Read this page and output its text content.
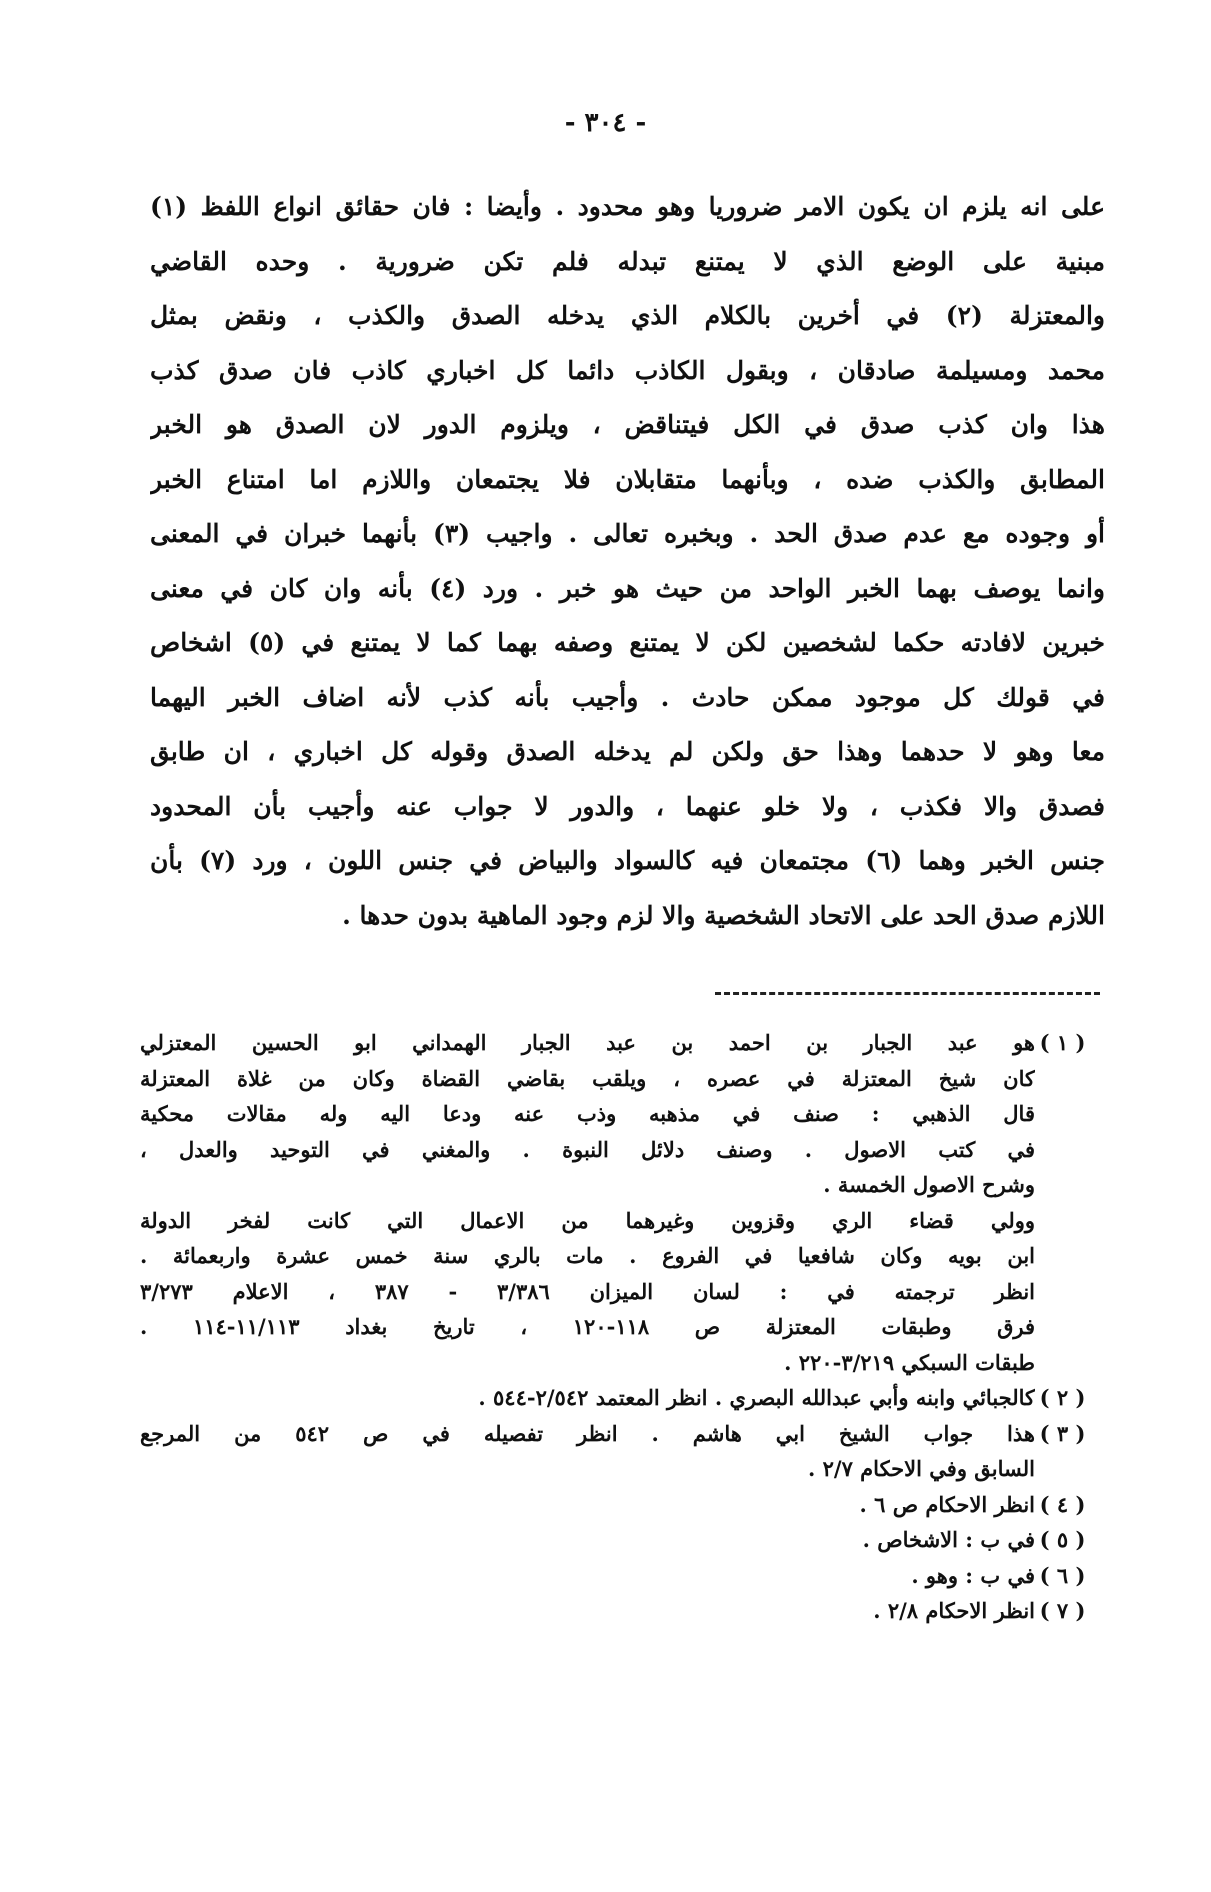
- ٣٠٤ -
على انه يلزم ان يكون الامر ضروريا وهو محدود . وأيضا : فان حقائق انواع اللفظ (١)
مبنية على الوضع الذي لا يمتنع تبدله فلم تكن ضرورية . وحده القاضي
والمعتزلة (٢) في أخرين بالكلام الذي يدخله الصدق والكذب ، ونقض بمثل
محمد ومسيلمة صادقان ، وبقول الكاذب دائما كل اخباري كاذب فان صدق كذب
هذا وان كذب صدق في الكل فيتناقض ، ويلزوم الدور لان الصدق هو الخبر
المطابق والكذب ضده ، وبأنهما متقابلان فلا يجتمعان واللازم اما امتناع الخبر
أو وجوده مع عدم صدق الحد . وبخبره تعالى . واجيب (٣) بأنهما خبران في المعنى
وانما يوصف بهما الخبر الواحد من حيث هو خبر . ورد (٤) بأنه وان كان في معنى
خبرين لافادته حكما لشخصين لكن لا يمتنع وصفه بهما كما لا يمتنع في (٥) اشخاص
في قولك كل موجود ممكن حادث . وأجيب بأنه كذب لأنه اضاف الخبر اليهما
معا وهو لا حدهما وهذا حق ولكن لم يدخله الصدق وقوله كل اخباري ، ان طابق
فصدق والا فكذب ، ولا خلو عنهما ، والدور لا جواب عنه وأجيب بأن المحدود
جنس الخبر وهما (٦) مجتمعان فيه كالسواد والبياض في جنس اللون ، ورد (٧) بأن
اللازم صدق الحد على الاتحاد الشخصية والا لزم وجود الماهية بدون حدها .
( ١ )
هو عبد الجبار بن احمد بن عبد الجبار الهمداني ابو الحسين المعتزلي
كان شيخ المعتزلة في عصره ، ويلقب بقاضي القضاة وكان من غلاة المعتزلة
قال الذهبي : صنف في مذهبه وذب عنه ودعا اليه وله مقالات محكية
في كتب الاصول . وصنف دلائل النبوة . والمغني في التوحيد والعدل ،
وشرح الاصول الخمسة .
وولي قضاء الري وقزوين وغيرهما من الاعمال التي كانت لفخر الدولة
ابن بويه وكان شافعيا في الفروع . مات بالري سنة خمس عشرة واربعمائة .
انظر ترجمته في : لسان الميزان ٣/٣٨٦ - ٣٨٧ ، الاعلام ٣/٢٧٣
فرق وطبقات المعتزلة ص ١١٨-١٢٠ ، تاريخ بغداد ١١/١١٣-١١٤ .
طبقات السبكي ٣/٢١٩-٢٢٠ .
( ٢ )
كالجبائي وابنه وأبي عبدالله البصري . انظر المعتمد ٢/٥٤٢-٥٤٤ .
( ٣ )
هذا جواب الشيخ ابي هاشم . انظر تفصيله في ص ٥٤٢ من المرجع
السابق وفي الاحكام ٢/٧ .
( ٤ )
انظر الاحكام ص ٦ .
( ٥ )
في ب : الاشخاص .
( ٦ )
في ب : وهو .
( ٧ )
انظر الاحكام ٢/٨ .
